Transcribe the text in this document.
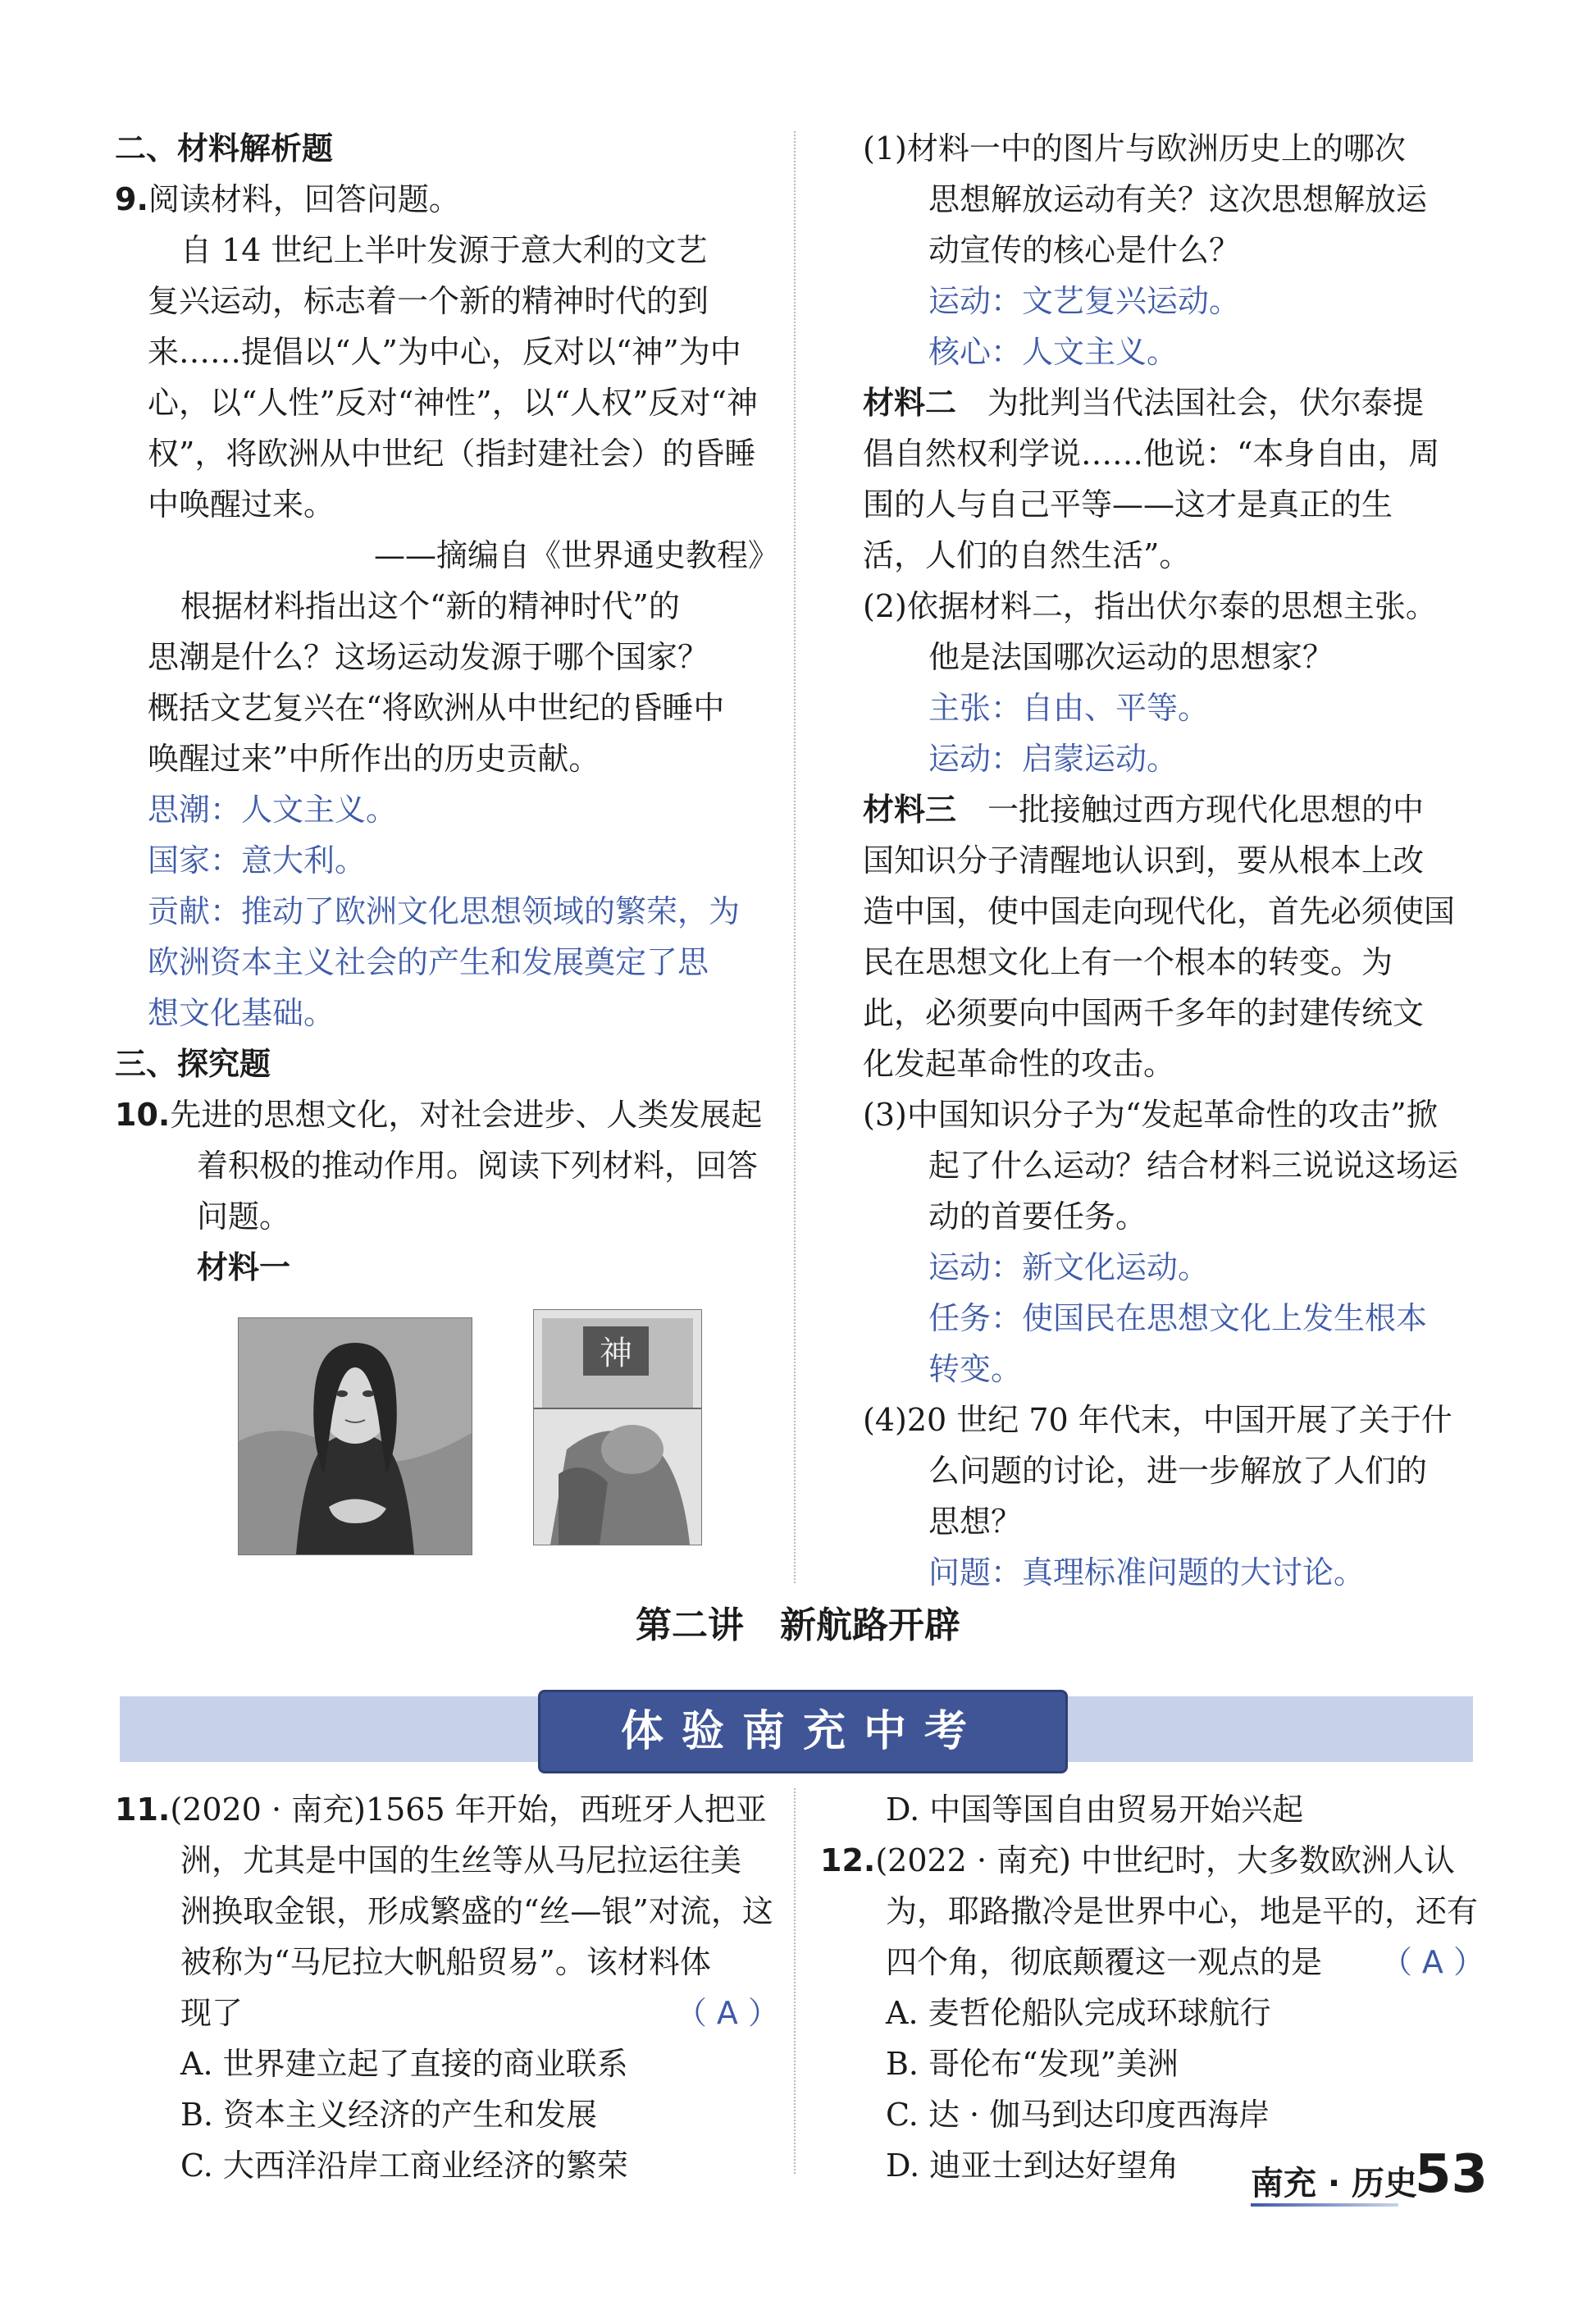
二、材料解析题
9.阅读材料，回答问题。
自 14 世纪上半叶发源于意大利的文艺
复兴运动，标志着一个新的精神时代的到
来……提倡以“人”为中心，反对以“神”为中
心，以“人性”反对“神性”，以“人权”反对“神
权”，将欧洲从中世纪（指封建社会）的昏睡
中唤醒过来。
——摘编自《世界通史教程》
根据材料指出这个“新的精神时代”的
思潮是什么？这场运动发源于哪个国家？
概括文艺复兴在“将欧洲从中世纪的昏睡中
唤醒过来”中所作出的历史贡献。
思潮：人文主义。
国家：意大利。
贡献：推动了欧洲文化思想领域的繁荣，为
欧洲资本主义社会的产生和发展奠定了思
想文化基础。
三、探究题
10.先进的思想文化，对社会进步、人类发展起
着积极的推动作用。阅读下列材料，回答
问题。
材料一
神
(1)材料一中的图片与欧洲历史上的哪次
思想解放运动有关？这次思想解放运
动宣传的核心是什么？
运动：文艺复兴运动。
核心：人文主义。
材料二　 为批判当代法国社会，伏尔泰提
倡自然权利学说……他说：“本身自由，周
围的人与自己平等——这才是真正的生
活，人们的自然生活”。
(2)依据材料二，指出伏尔泰的思想主张。
他是法国哪次运动的思想家？
主张：自由、平等。
运动：启蒙运动。
材料三　 一批接触过西方现代化思想的中
国知识分子清醒地认识到，要从根本上改
造中国，使中国走向现代化，首先必须使国
民在思想文化上有一个根本的转变。为
此，必须要向中国两千多年的封建传统文
化发起革命性的攻击。
(3)中国知识分子为“发起革命性的攻击”掀
起了什么运动？结合材料三说说这场运
动的首要任务。
运动：新文化运动。
任务：使国民在思想文化上发生根本
转变。
(4)20 世纪 70 年代末，中国开展了关于什
么问题的讨论，进一步解放了人们的
思想？
问题：真理标准问题的大讨论。
第二讲　新航路开辟
体验南充中考
11.(2020 · 南充)1565 年开始，西班牙人把亚
洲，尤其是中国的生丝等从马尼拉运往美
洲换取金银，形成繁盛的“丝—银”对流，这
被称为“马尼拉大帆船贸易”。该材料体
现了	（ A ）
A. 世界建立起了直接的商业联系
B. 资本主义经济的产生和发展
C. 大西洋沿岸工商业经济的繁荣
D. 中国等国自由贸易开始兴起
12.(2022 · 南充) 中世纪时，大多数欧洲人认
为，耶路撒冷是世界中心，地是平的，还有
四个角，彻底颠覆这一观点的是 （ A ）
A. 麦哲伦船队完成环球航行
B. 哥伦布“发现”美洲
C. 达 · 伽马到达印度西海岸
D. 迪亚士到达好望角	南充 · 历史
53
